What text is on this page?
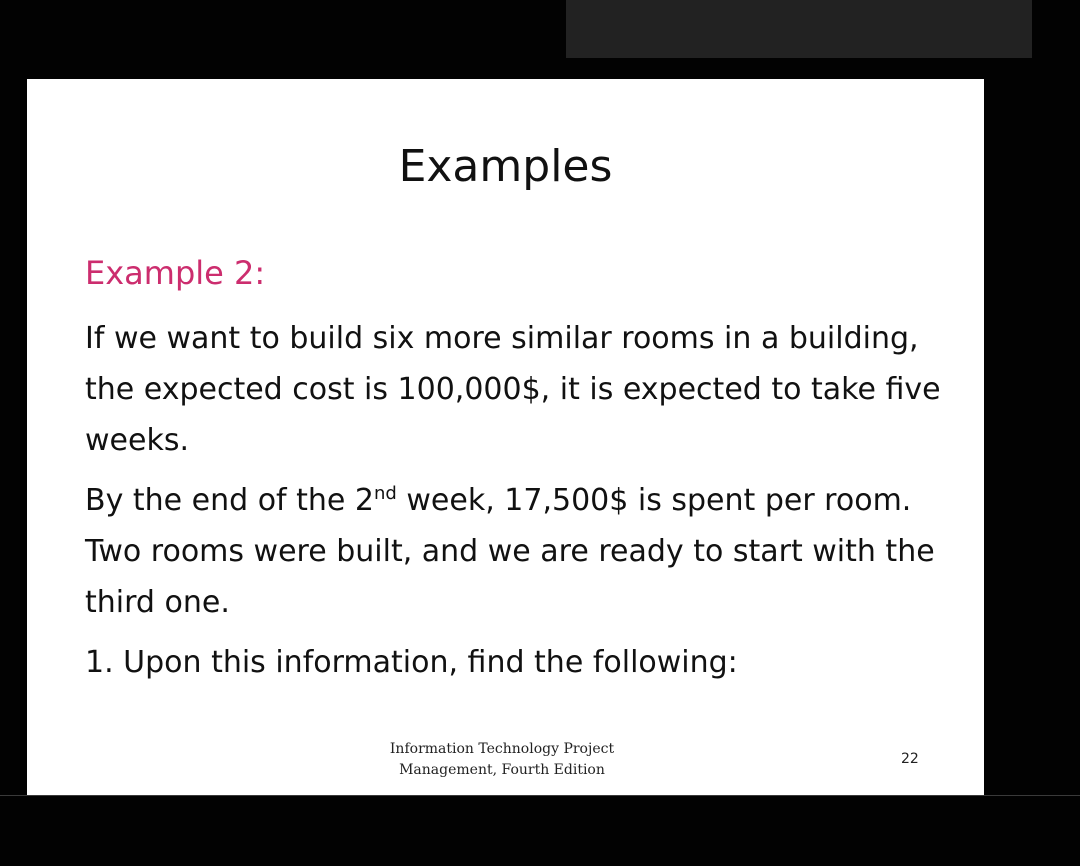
Examples
Example 2:

If we want to build six more similar rooms in a building, the expected cost is 100,000$, it is expected to take five weeks.

By the end of the 2nd week, 17,500$ is spent per room. Two rooms were built, and we are ready to start with the third one.

1. Upon this information, find the following:

Information Technology Project
Management, Fourth Edition
22
